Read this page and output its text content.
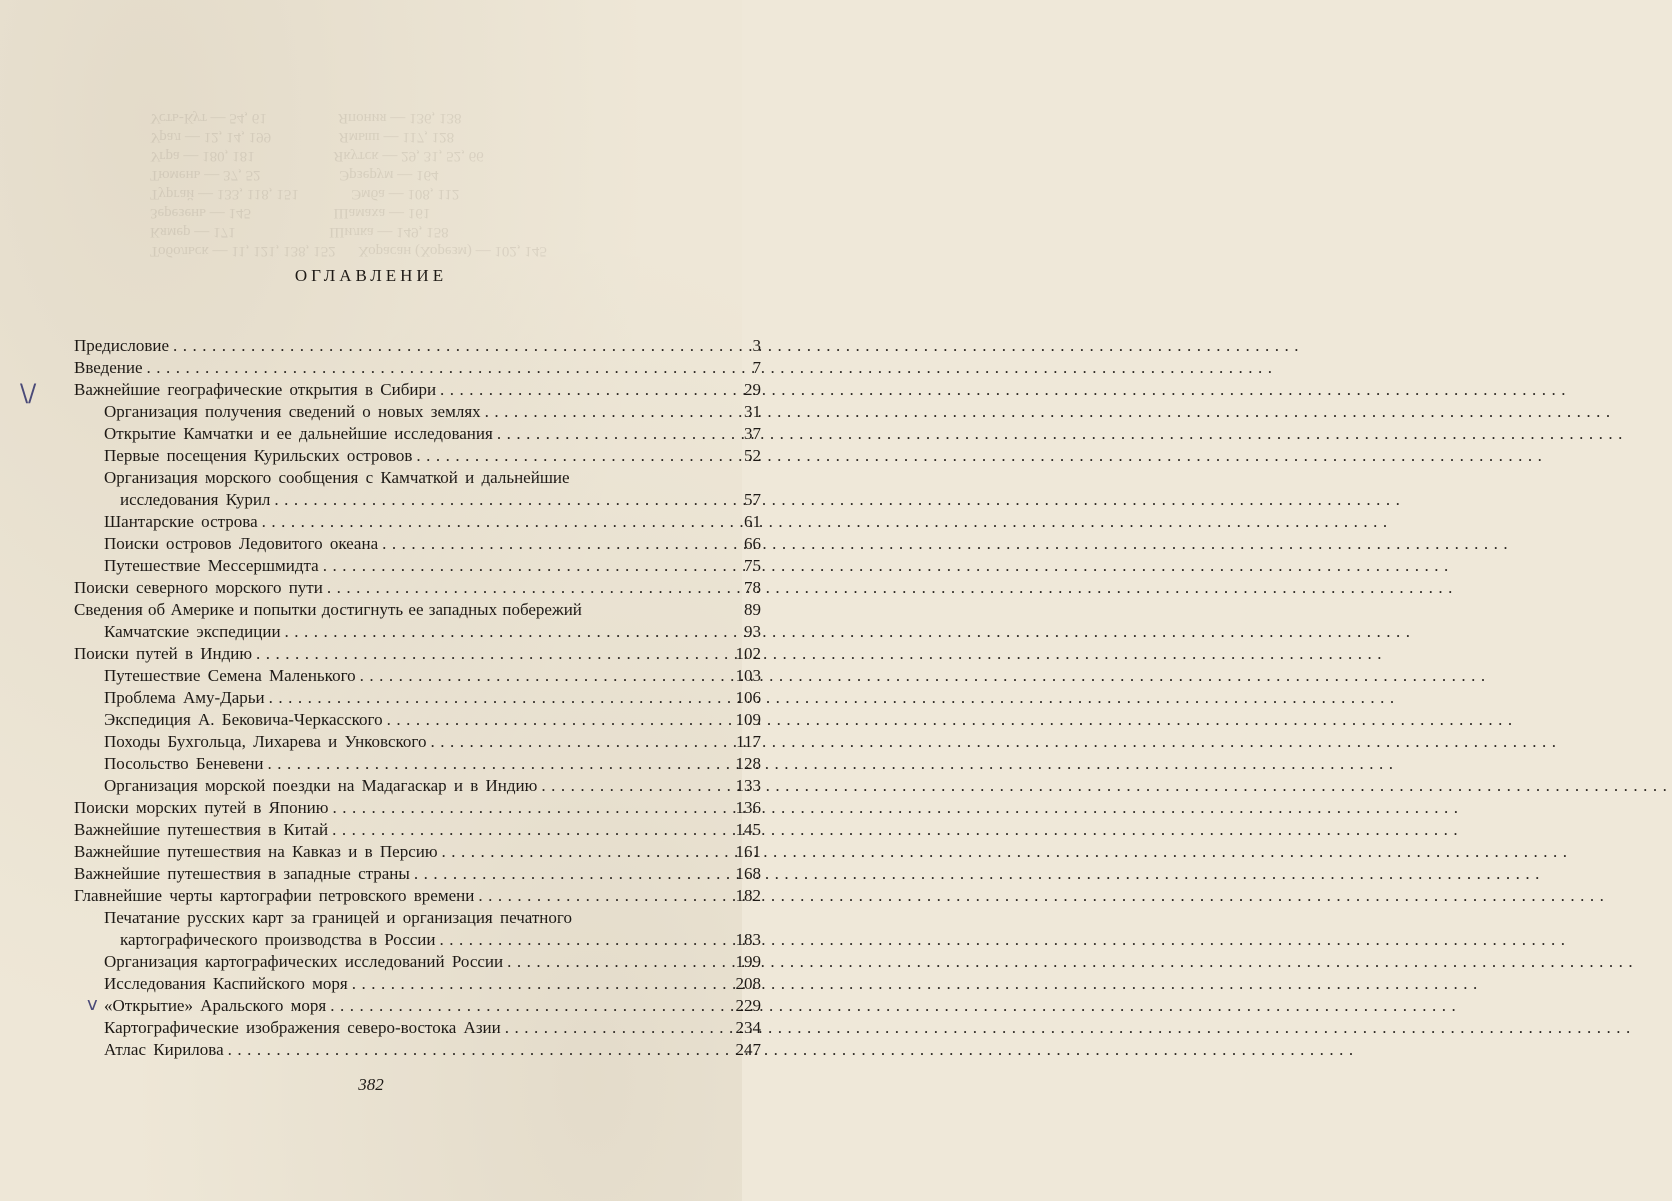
Тобольск — 11, 121, 138, 152      Хорасан (Хорезм) — 102, 145
Кямер — 171                         Шилка — 149, 158
Зерезень — 145                      Шамаха — 161
Тургай — 133, 118, 151              Эмба — 108, 112
Тюмень — 37, 52                     Эрзерум — 164
Угра — 180, 181                     Якутск — 29, 31, 52, 66
Урал — 12, 14, 199                  Ямыш — 117, 128
Усть-Кут — 54, 61                   Япония — 136, 138
ОГЛАВЛЕНИЕ
\/
v
Предисловие .....	3
Введение .....	7
Важнейшие географические открытия в Сибири .....	29
Организация получения сведений о новых землях .....	31
Открытие Камчатки и ее дальнейшие исследования .....	37
Первые посещения Курильских островов .....	52
Организация морского сообщения с Камчаткой и дальнейшие
исследования Курил .....	57
Шантарские острова .....	61
Поиски островов Ледовитого океана .....	66
Путешествие Мессершмидта .....	75
Поиски северного морского пути .....	78
Сведения об Америке и попытки достигнуть ее западных побережий	89
Камчатские экспедиции .....	93
Поиски путей в Индию .....	102
Путешествие Семена Маленького .....	103
Проблема Аму-Дарьи .....	106
Экспедиция А. Бековича-Черкасского .....	109
Походы Бухгольца, Лихарева и Унковского .....	117
Посольство Беневени .....	128
Организация морской поездки на Мадагаскар и в Индию .....	133
Поиски морских путей в Японию .....	136
Важнейшие путешествия в Китай .....	145
Важнейшие путешествия на Кавказ и в Персию .....	161
Важнейшие путешествия в западные страны .....	168
Главнейшие черты картографии петровского времени .....	182
Печатание русских карт за границей и организация печатного
картографического производства в России .....	183
Организация картографических исследований России .....	199
Исследования Каспийского моря .....	208
«Открытие» Аральского моря .....	229
Картографические изображения северо-востока Азии .....	234
Атлас Кирилова .....	247
382
